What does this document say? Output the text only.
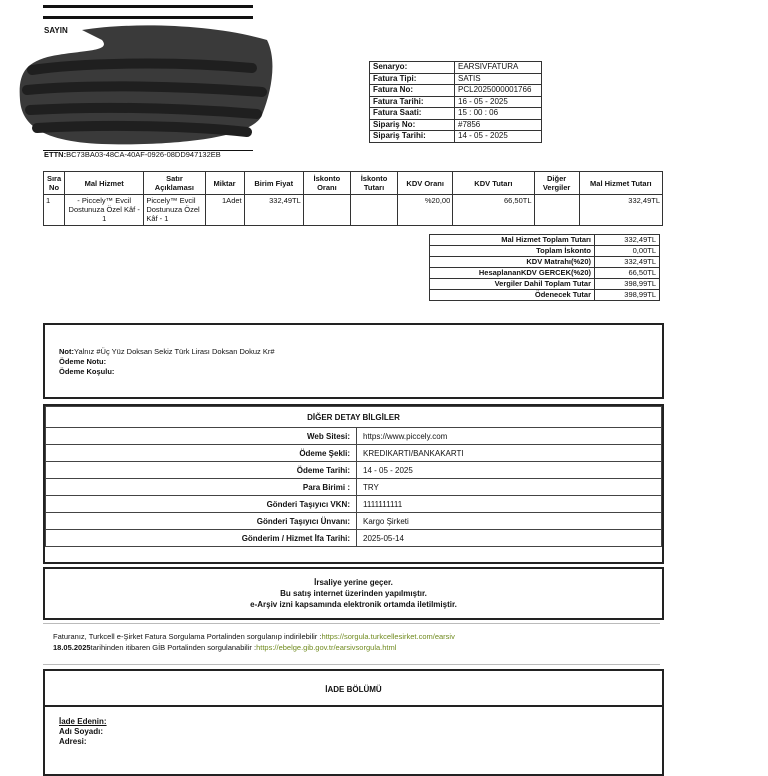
SAYIN
ETTN:BC73BA03-48CA-40AF-0926-08DD947132EB
Senaryo:	EARSIVFATURA
Fatura Tipi:	SATIS
Fatura No:	PCL2025000001766
Fatura Tarihi:	16 - 05 - 2025
Fatura Saati:	15 : 00 : 06
Sipariş No:	#7856
Sipariş Tarihi:	14 - 05 - 2025
Sıra No	Mal Hizmet	Satır Açıklaması	Miktar	Birim Fiyat	İskonto Oranı	İskonto Tutarı	KDV Oranı	KDV Tutarı	Diğer Vergiler	Mal Hizmet Tutarı
1	- Piccely™ Evcil Dostunuza Özel Kâf - 1	Piccely™ Evcil Dostunuza Özel Kâf - 1	1Adet	332,49TL			%20,00	66,50TL		332,49TL
Mal Hizmet Toplam Tutarı	332,49TL
Toplam İskonto	0,00TL
KDV Matrahı(%20)	332,49TL
HesaplananKDV GERCEK(%20)	66,50TL
Vergiler Dahil Toplam Tutar	398,99TL
Ödenecek Tutar	398,99TL
Not:Yalnız #Üç Yüz Doksan Sekiz Türk Lirası Doksan Dokuz Kr#
Ödeme Notu:
Ödeme Koşulu:
DİĞER DETAY BİLGİLER	
Web Sitesi:	https://www.piccely.com
Ödeme Şekli:	KREDIKARTI/BANKAKARTI
Ödeme Tarihi:	14 - 05 - 2025
Para Birimi :	TRY
Gönderi Taşıyıcı VKN:	1111111111
Gönderi Taşıyıcı Ünvanı:	Kargo Şirketi
Gönderim / Hizmet İfa Tarihi:	2025-05-14
İrsaliye yerine geçer.
Bu satış internet üzerinden yapılmıştır.
e-Arşiv izni kapsamında elektronik ortamda iletilmiştir.
Faturanız, Turkcell e-Şirket Fatura Sorgulama Portalinden sorgulanıp indirilebilir :https://sorgula.turkcellesirket.com/earsiv
18.05.2025tarihinden itibaren GİB Portalinden sorgulanabilir :https://ebelge.gib.gov.tr/earsivsorgula.html
İADE BÖLÜMÜ
İade Edenin:
Adı Soyadı:
Adresi:
